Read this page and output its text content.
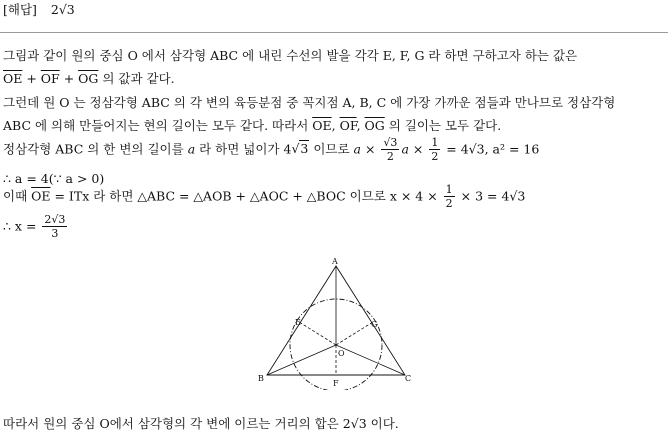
[해답] 2√3
그림과 같이 원의 중심 O 에서 삼각형 ABC 에 내린 수선의 발을 각각 E, F, G 라 하면 구하고자 하는 값은
$\overline{OE} + \overline{OF} + \overline{OG}$ 의 값과 같다.
그런데 원 O 는 정삼각형 ABC 의 각 변의 육등분점 중 꼭지점 A, B, C 에 가장 가까운 점들과 만나므로 정삼각형
ABC 에 의해 만들어지는 현의 길이는 모두 같다. 따라서 $\overline{OE}$, $\overline{OF}$, $\overline{OG}$ 의 길이는 모두 같다.
정삼각형 ABC 의 한 변의 길이를 a 라 하면 넓이가 4√3 이므로 $a \times \frac{√3}{2}$ $a \times \frac{1}{2} = 4√3$, a² = 16
∴ a = 4(∵ a > 0)
이때 $\overline{OE}$ = ITx 라 하면 △ABC = △AOB + △AOC + △BOC 이므로 $x \times 4 \times \frac{1}{2} \times 3 = 4√3$
∴ $x = \frac{2√3}{3}$
A
B	C
E	G
F
O
따라서 원의 중심 O에서 삼각형의 각 변에 이르는 거리의 합은 2√3 이다.
